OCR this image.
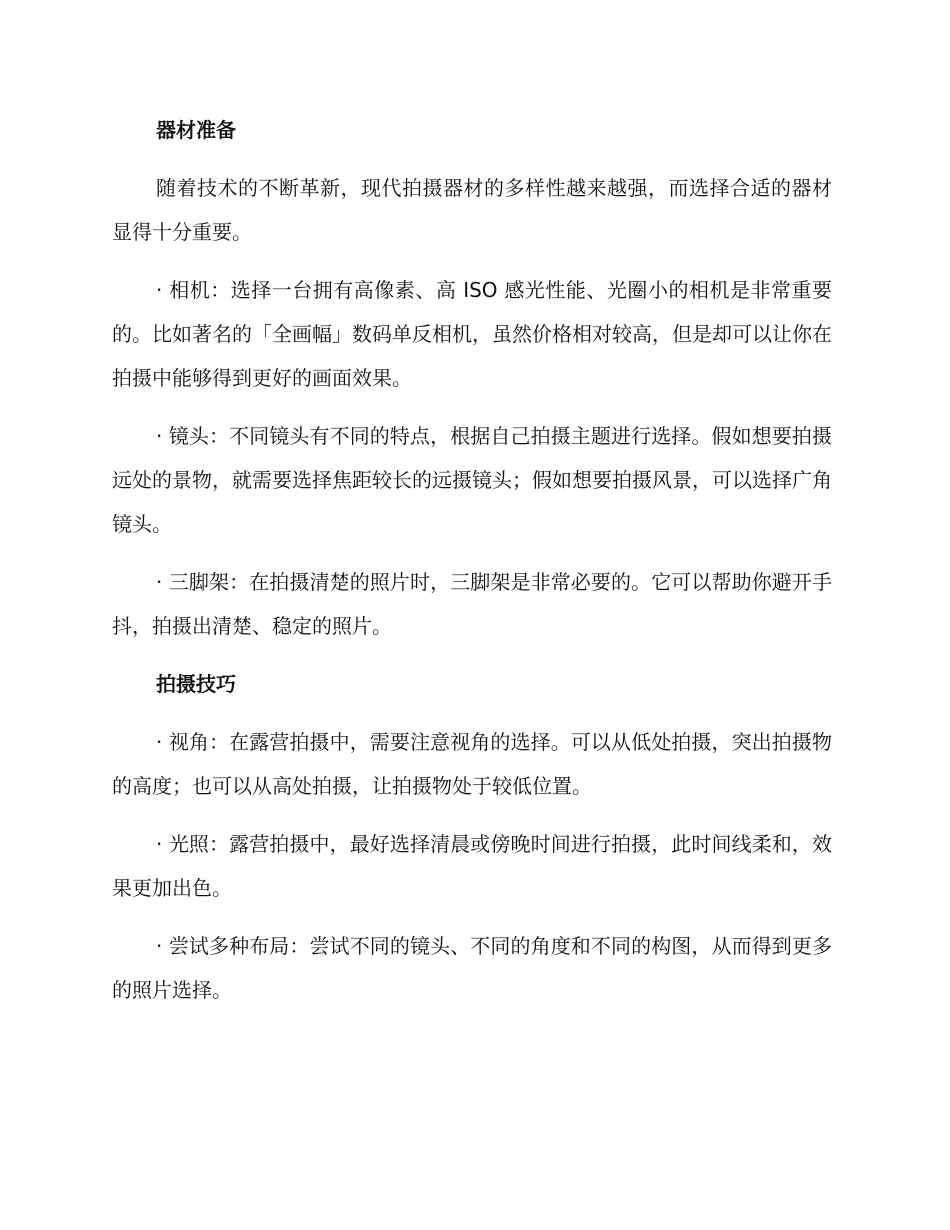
器材准备

随着技术的不断革新，现代拍摄器材的多样性越来越强，而选择合适的器材显得十分重要。

· 相机：选择一台拥有高像素、高 ISO 感光性能、光圈小的相机是非常重要的。比如著名的「全画幅」数码单反相机，虽然价格相对较高，但是却可以让你在拍摄中能够得到更好的画面效果。

· 镜头：不同镜头有不同的特点，根据自己拍摄主题进行选择。假如想要拍摄远处的景物，就需要选择焦距较长的远摄镜头；假如想要拍摄风景，可以选择广角镜头。

· 三脚架：在拍摄清楚的照片时，三脚架是非常必要的。它可以帮助你避开手抖，拍摄出清楚、稳定的照片。

拍摄技巧

· 视角：在露营拍摄中，需要注意视角的选择。可以从低处拍摄，突出拍摄物的高度；也可以从高处拍摄，让拍摄物处于较低位置。

· 光照：露营拍摄中，最好选择清晨或傍晚时间进行拍摄，此时间线柔和，效果更加出色。

· 尝试多种布局：尝试不同的镜头、不同的角度和不同的构图，从而得到更多的照片选择。
